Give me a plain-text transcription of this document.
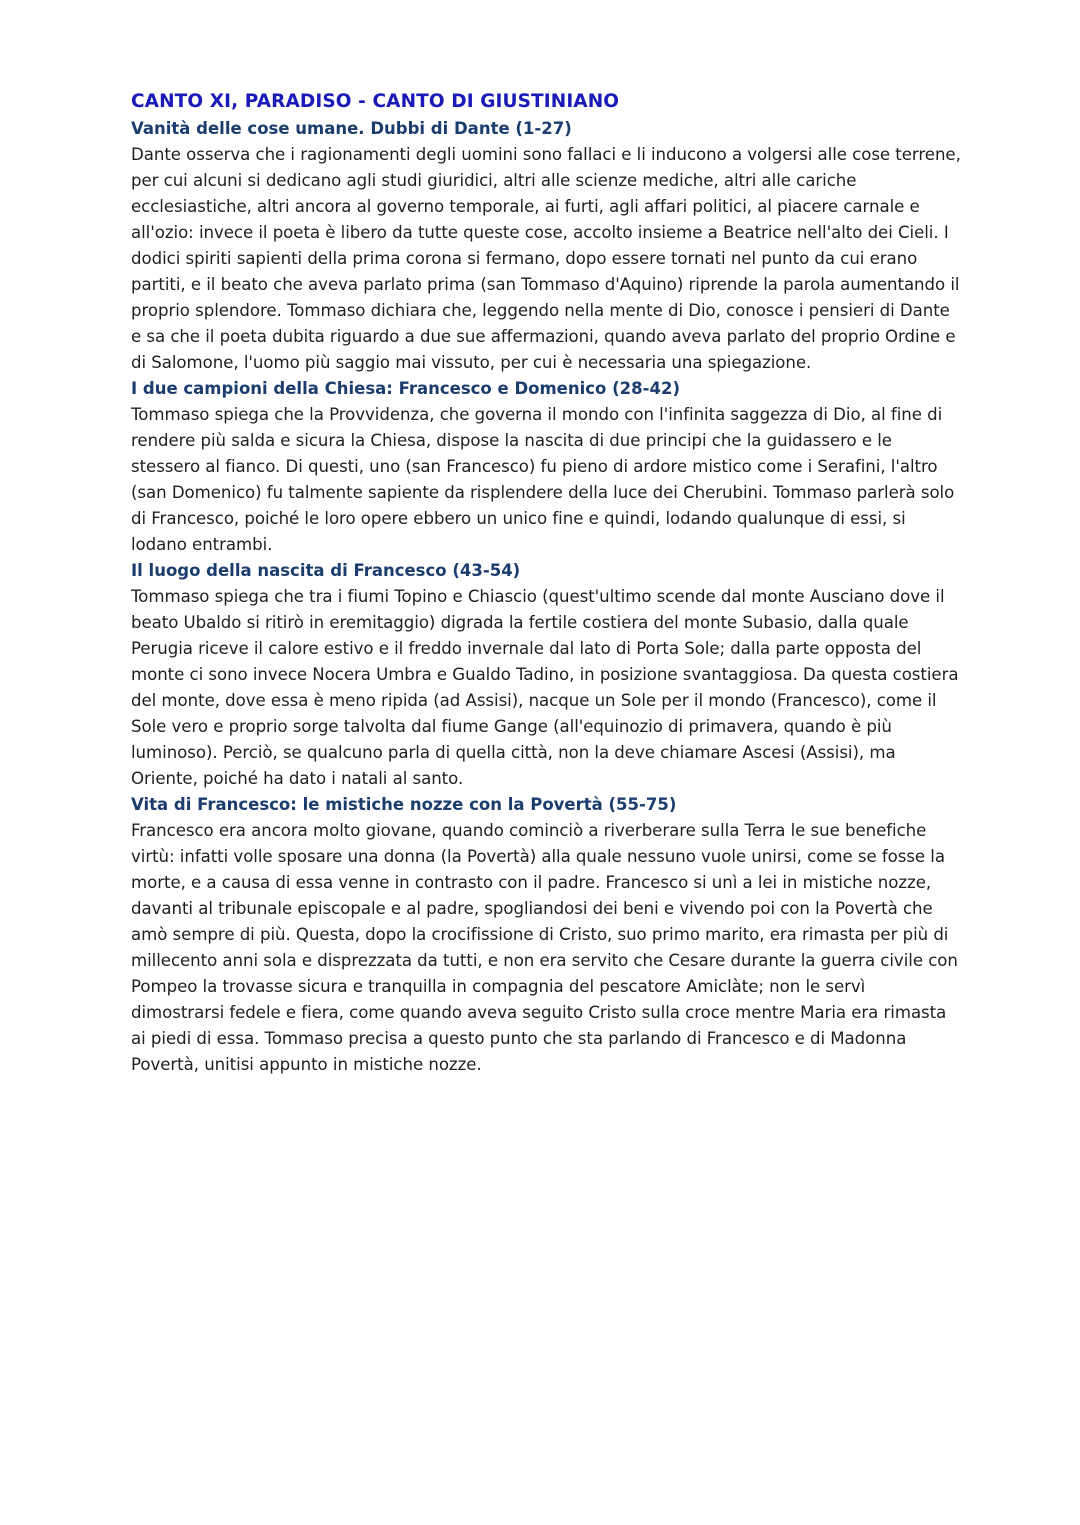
CANTO XI, PARADISO - CANTO DI GIUSTINIANO
Vanità delle cose umane. Dubbi di Dante (1-27)

Dante osserva che i ragionamenti degli uomini sono fallaci e li inducono a volgersi alle cose terrene, per cui alcuni si dedicano agli studi giuridici, altri alle scienze mediche, altri alle cariche ecclesiastiche, altri ancora al governo temporale, ai furti, agli affari politici, al piacere carnale e all'ozio: invece il poeta è libero da tutte queste cose, accolto insieme a Beatrice nell'alto dei Cieli. I dodici spiriti sapienti della prima corona si fermano, dopo essere tornati nel punto da cui erano partiti, e il beato che aveva parlato prima (san Tommaso d'Aquino) riprende la parola aumentando il proprio splendore. Tommaso dichiara che, leggendo nella mente di Dio, conosce i pensieri di Dante e sa che il poeta dubita riguardo a due sue affermazioni, quando aveva parlato del proprio Ordine e di Salomone, l'uomo più saggio mai vissuto, per cui è necessaria una spiegazione.

I due campioni della Chiesa: Francesco e Domenico (28-42)

Tommaso spiega che la Provvidenza, che governa il mondo con l'infinita saggezza di Dio, al fine di rendere più salda e sicura la Chiesa, dispose la nascita di due principi che la guidassero e le stessero al fianco. Di questi, uno (san Francesco) fu pieno di ardore mistico come i Serafini, l'altro (san Domenico) fu talmente sapiente da risplendere della luce dei Cherubini. Tommaso parlerà solo di Francesco, poiché le loro opere ebbero un unico fine e quindi, lodando qualunque di essi, si lodano entrambi.

Il luogo della nascita di Francesco (43-54)

Tommaso spiega che tra i fiumi Topino e Chiascio (quest'ultimo scende dal monte Ausciano dove il beato Ubaldo si ritirò in eremitaggio) digrada la fertile costiera del monte Subasio, dalla quale Perugia riceve il calore estivo e il freddo invernale dal lato di Porta Sole; dalla parte opposta del monte ci sono invece Nocera Umbra e Gualdo Tadino, in posizione svantaggiosa. Da questa costiera del monte, dove essa è meno ripida (ad Assisi), nacque un Sole per il mondo (Francesco), come il Sole vero e proprio sorge talvolta dal fiume Gange (all'equinozio di primavera, quando è più luminoso). Perciò, se qualcuno parla di quella città, non la deve chiamare Ascesi (Assisi), ma Oriente, poiché ha dato i natali al santo.

Vita di Francesco: le mistiche nozze con la Povertà (55-75)

Francesco era ancora molto giovane, quando cominciò a riverberare sulla Terra le sue benefiche virtù: infatti volle sposare una donna (la Povertà) alla quale nessuno vuole unirsi, come se fosse la morte, e a causa di essa venne in contrasto con il padre. Francesco si unì a lei in mistiche nozze, davanti al tribunale episcopale e al padre, spogliandosi dei beni e vivendo poi con la Povertà che amò sempre di più. Questa, dopo la crocifissione di Cristo, suo primo marito, era rimasta per più di millecento anni sola e disprezzata da tutti, e non era servito che Cesare durante la guerra civile con Pompeo la trovasse sicura e tranquilla in compagnia del pescatore Amiclàte; non le servì dimostrarsi fedele e fiera, come quando aveva seguito Cristo sulla croce mentre Maria era rimasta ai piedi di essa. Tommaso precisa a questo punto che sta parlando di Francesco e di Madonna Povertà, unitisi appunto in mistiche nozze.
